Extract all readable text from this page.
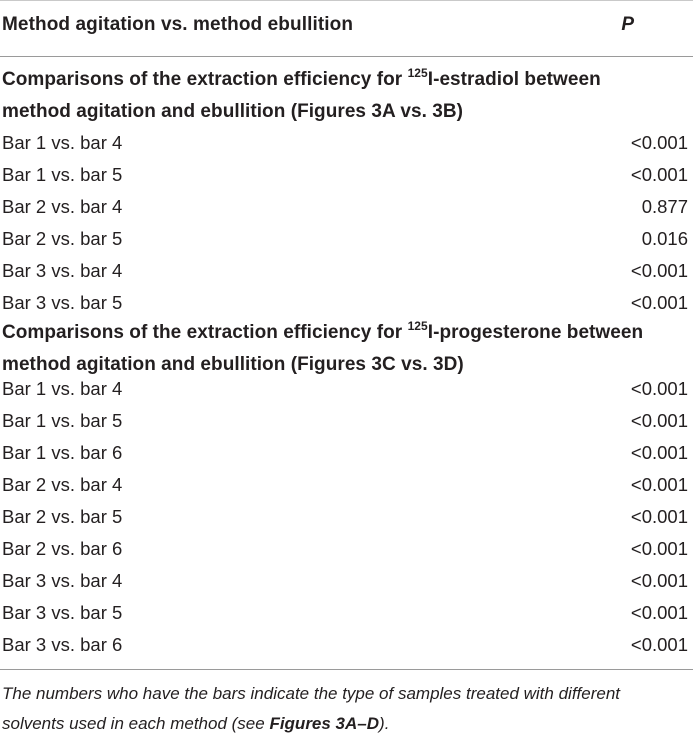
Method agitation vs. method ebullition	P
Comparisons of the extraction efficiency for $^{125}$I-estradiol between
method agitation and ebullition (Figures 3A vs. 3B)
Bar 1 vs. bar 4	<0.001
Bar 1 vs. bar 5	<0.001
Bar 2 vs. bar 4	0.877
Bar 2 vs. bar 5	0.016
Bar 3 vs. bar 4	<0.001
Bar 3 vs. bar 5	<0.001
Comparisons of the extraction efficiency for $^{125}$I-progesterone between
method agitation and ebullition (Figures 3C vs. 3D)
Bar 1 vs. bar 4	<0.001
Bar 1 vs. bar 5	<0.001
Bar 1 vs. bar 6	<0.001
Bar 2 vs. bar 4	<0.001
Bar 2 vs. bar 5	<0.001
Bar 2 vs. bar 6	<0.001
Bar 3 vs. bar 4	<0.001
Bar 3 vs. bar 5	<0.001
Bar 3 vs. bar 6	<0.001
The numbers who have the bars indicate the type of samples treated with different
solvents used in each method (see Figures 3A–D).
